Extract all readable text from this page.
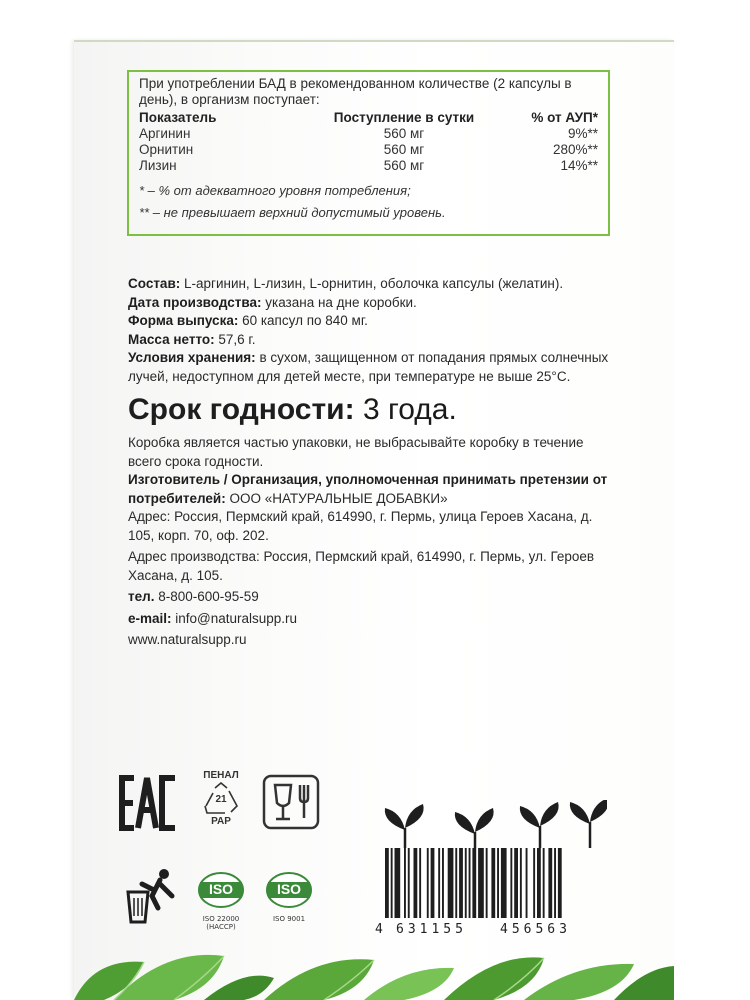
При употреблении БАД в рекомендованном количестве (2 капсулы в день), в организм поступает:

Показатель	Поступление в сутки	% от АУП*
Аргинин	560 мг	9%**
Орнитин	560 мг	280%**
Лизин	560 мг	14%**
* – % от адекватного уровня потребления;
** – не превышает верхний допустимый уровень.

Состав: L-аргинин, L-лизин, L-орнитин, оболочка капсулы (желатин).

Дата производства: указана на дне коробки.

Форма выпуска: 60 капсул по 840 мг.

Масса нетто: 57,6 г.

Условия хранения: в сухом, защищенном от попадания прямых солнечных лучей, недоступном для детей месте, при температуре не выше 25°С.

Срок годности: 3 года.

Коробка является частью упаковки, не выбрасывайте коробку в течение всего срока годности.

Изготовитель / Организация, уполномоченная принимать претензии от потребителей: ООО «НАТУРАЛЬНЫЕ ДОБАВКИ»

Адрес: Россия, Пермский край, 614990, г. Пермь, улица Героев Хасана, д. 105, корп. 70, оф. 202.

Адрес производства: Россия, Пермский край, 614990, г. Пермь, ул. Героев Хасана, д. 105.

тел. 8-800-600-95-59

e-mail: info@naturalsupp.ru

www.naturalsupp.ru

ПЕНАЛ
21
PAP
ISO
ISO 22000
(HACCP)
ISO
ISO 9001
4 631155	456563
